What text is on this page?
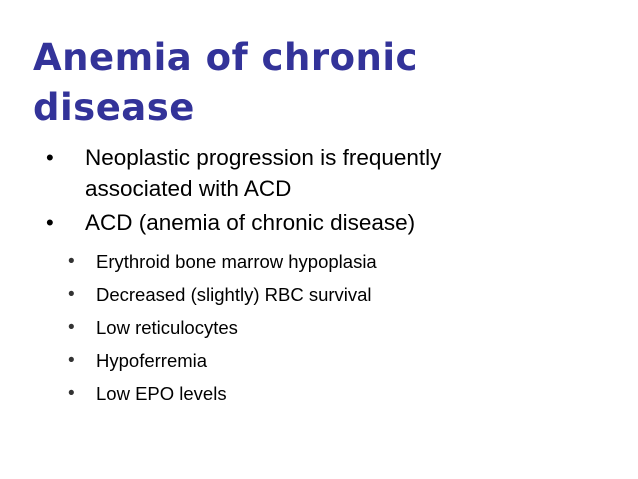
Anemia of chronic
disease
• Neoplastic progression is frequently
associated with ACD
• ACD (anemia of chronic disease)
• Erythroid bone marrow hypoplasia
• Decreased (slightly) RBC survival
• Low reticulocytes
• Hypoferremia
• Low EPO levels
